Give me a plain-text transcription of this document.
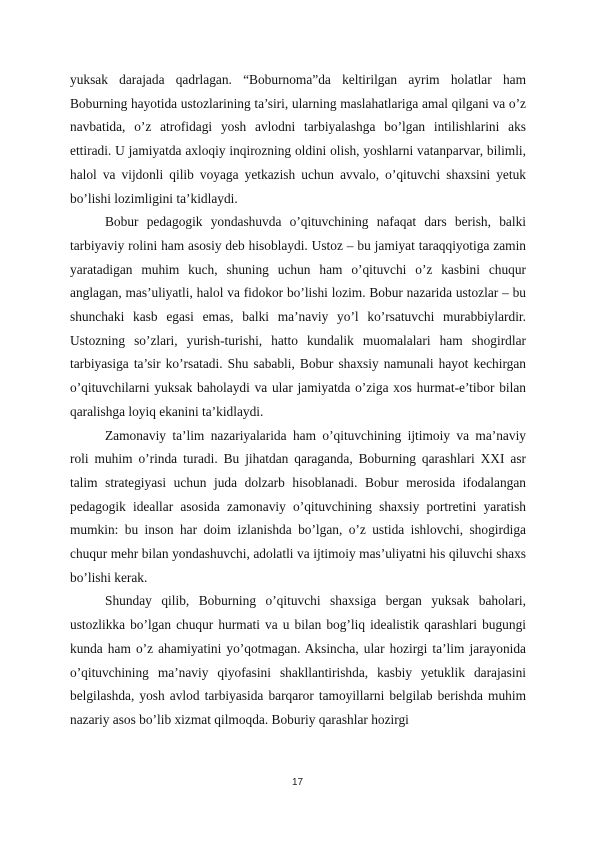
yuksak darajada qadrlagan. “Boburnoma”da keltirilgan ayrim holatlar ham Boburning hayotida ustozlarining ta’siri, ularning maslahatlariga amal qilgani va o’z navbatida, o’z atrofidagi yosh avlodni tarbiyalashga bo’lgan intilishlarini aks ettiradi. U jamiyatda axloqiy inqirozning oldini olish, yoshlarni vatanparvar, bilimli, halol va vijdonli qilib voyaga yetkazish uchun avvalo, o’qituvchi shaxsini yetuk bo’lishi lozimligini ta’kidlaydi.

Bobur pedagogik yondashuvda o’qituvchining nafaqat dars berish, balki tarbiyaviy rolini ham asosiy deb hisoblaydi. Ustoz – bu jamiyat taraqqiyotiga zamin yaratadigan muhim kuch, shuning uchun ham o’qituvchi o’z kasbini chuqur anglagan, mas’uliyatli, halol va fidokor bo’lishi lozim. Bobur nazarida ustozlar – bu shunchaki kasb egasi emas, balki ma’naviy yo’l ko’rsatuvchi murabbiylardir. Ustozning so’zlari, yurish-turishi, hatto kundalik muomalalari ham shogirdlar tarbiyasiga ta’sir ko’rsatadi. Shu sababli, Bobur shaxsiy namunali hayot kechirgan o’qituvchilarni yuksak baholaydi va ular jamiyatda o’ziga xos hurmat-e’tibor bilan qaralishga loyiq ekanini ta’kidlaydi.

Zamonaviy ta’lim nazariyalarida ham o’qituvchining ijtimoiy va ma’naviy roli muhim o’rinda turadi. Bu jihatdan qaraganda, Boburning qarashlari XXI asr talim strategiyasi uchun juda dolzarb hisoblanadi. Bobur merosida ifodalangan pedagogik ideallar asosida zamonaviy o’qituvchining shaxsiy portretini yaratish mumkin: bu inson har doim izlanishda bo’lgan, o’z ustida ishlovchi, shogirdiga chuqur mehr bilan yondashuvchi, adolatli va ijtimoiy mas’uliyatni his qiluvchi shaxs bo’lishi kerak.

Shunday qilib, Boburning o’qituvchi shaxsiga bergan yuksak baholari, ustozlikka bo’lgan chuqur hurmati va u bilan bog’liq idealistik qarashlari bugungi kunda ham o’z ahamiyatini yo’qotmagan. Aksincha, ular hozirgi ta’lim jarayonida o’qituvchining ma’naviy qiyofasini shakllantirishda, kasbiy yetuklik darajasini belgilashda, yosh avlod tarbiyasida barqaror tamoyillarni belgilab berishda muhim nazariy asos bo’lib xizmat qilmoqda. Boburiy qarashlar hozirgi

17
